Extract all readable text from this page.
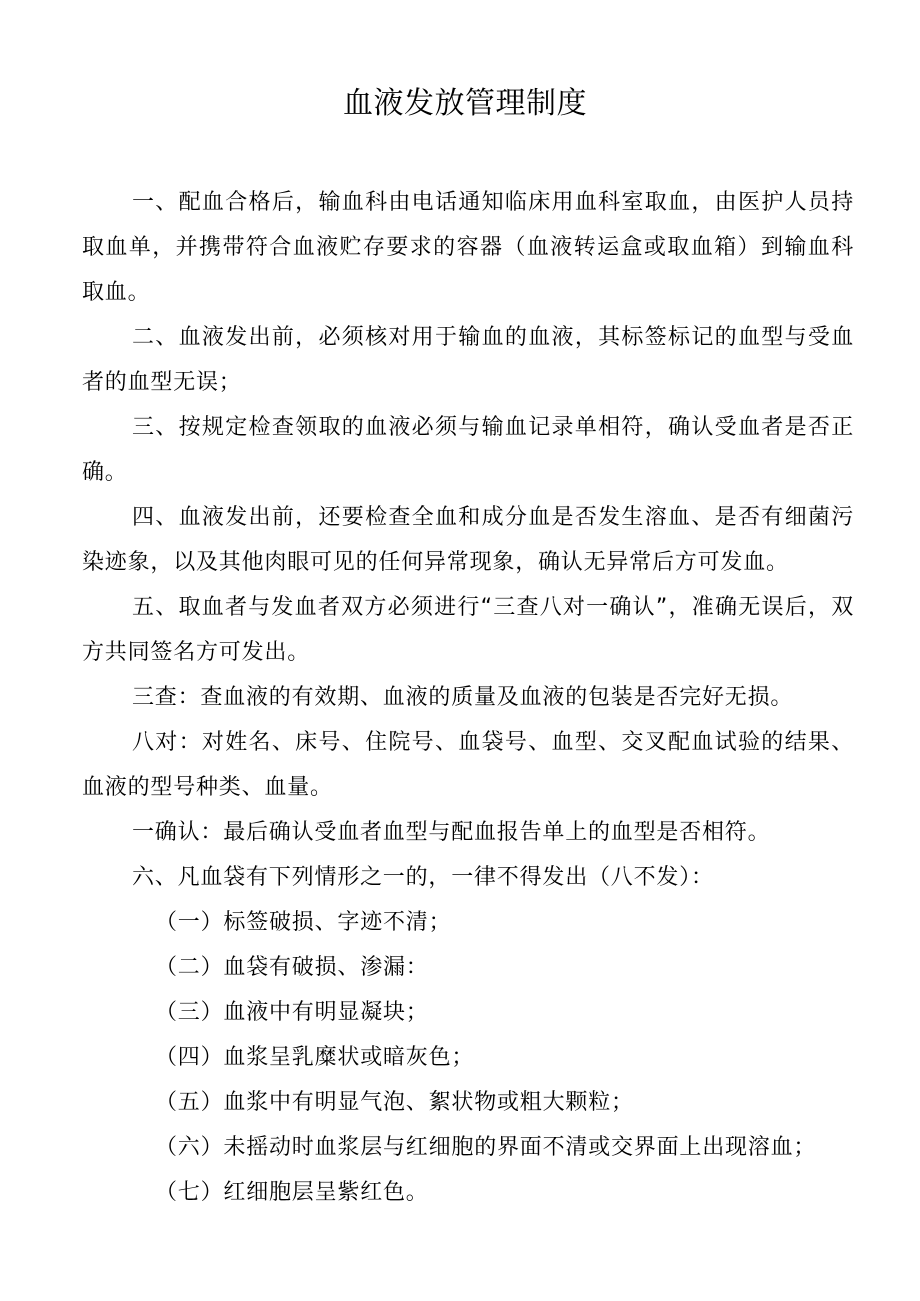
血液发放管理制度

一、配血合格后，输血科由电话通知临床用血科室取血，由医护人员持取血单，并携带符合血液贮存要求的容器（血液转运盒或取血箱）到输血科取血。

二、血液发出前，必须核对用于输血的血液，其标签标记的血型与受血者的血型无误；

三、按规定检查领取的血液必须与输血记录单相符，确认受血者是否正确。

四、血液发出前，还要检查全血和成分血是否发生溶血、是否有细菌污染迹象，以及其他肉眼可见的任何异常现象，确认无异常后方可发血。

五、取血者与发血者双方必须进行“三查八对一确认”，准确无误后，双方共同签名方可发出。

三查：查血液的有效期、血液的质量及血液的包装是否完好无损。

八对：对姓名、床号、住院号、血袋号、血型、交叉配血试验的结果、血液的型号种类、血量。

一确认：最后确认受血者血型与配血报告单上的血型是否相符。

六、凡血袋有下列情形之一的，一律不得发出（八不发）：

（一）标签破损、字迹不清；

（二）血袋有破损、渗漏：

（三）血液中有明显凝块；

（四）血浆呈乳糜状或暗灰色；

（五）血浆中有明显气泡、絮状物或粗大颗粒；

（六）未摇动时血浆层与红细胞的界面不清或交界面上出现溶血；

（七）红细胞层呈紫红色。
